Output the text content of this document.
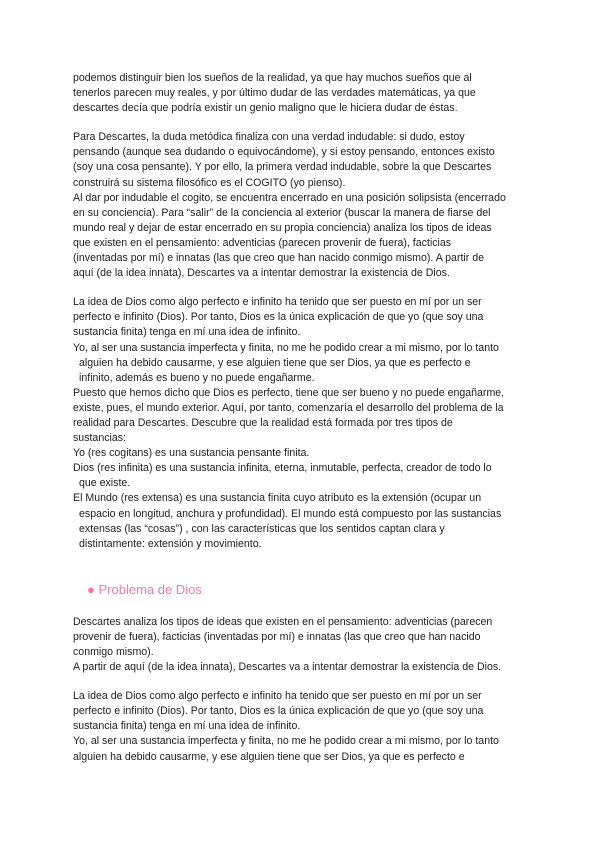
podemos distinguir bien los sueños de la realidad, ya que hay muchos sueños que al

tenerlos parecen muy reales, y por último dudar de las verdades matemáticas, ya que

descartes decía que podría existir un genio maligno que le hiciera dudar de éstas.

Para Descartes, la duda metódica finaliza con una verdad indudable: si dudo, estoy

pensando (aunque sea dudando o equivocándome), y si estoy pensando, entonces existo

(soy una cosa pensante). Y por ello, la primera verdad indudable, sobre la que Descartes

construirá su sistema filosófico es el COGITO (yo pienso).

Al dar por indudable el cogito, se encuentra encerrado en una posición solipsista (encerrado

en su conciencia). Para “salir” de la conciencia al exterior (buscar la manera de fiarse del

mundo real y dejar de estar encerrado en su propia conciencia) analiza los tipos de ideas

que existen en el pensamiento: adventicias (parecen provenir de fuera), facticias

(inventadas por mí) e innatas (las que creo que han nacido conmigo mismo). A partir de

aquí (de la idea innata), Descartes va a intentar demostrar la existencia de Dios.

La idea de Dios como algo perfecto e infinito ha tenido que ser puesto en mí por un ser

perfecto e infinito (Dios). Por tanto, Dios es la única explicación de que yo (que soy una

sustancia finita) tenga en mí una idea de infinito.

Yo, al ser una sustancia imperfecta y finita, no me he podido crear a mi mismo, por lo tanto

alguien ha debido causarme, y ese alguien tiene que ser Dios, ya que es perfecto e

infinito, además es bueno y no puede engañarme.

Puesto que hemos dicho que Dios es perfecto, tiene que ser bueno y no puede engañarme,

existe, pues, el mundo exterior. Aquí, por tanto, comenzaría el desarrollo del problema de la

realidad para Descartes. Descubre que la realidad está formada por tres tipos de

sustancias:

Yo (res cogitans) es una sustancia pensante finita.

Dios (res infinita) es una sustancia infinita, eterna, inmutable, perfecta, creador de todo lo

que existe.

El Mundo (res extensa) es una sustancia finita cuyo atributo es la extensión (ocupar un

espacio en longitud, anchura y profundidad). El mundo está compuesto por las sustancias

extensas (las “cosas”) , con las características que los sentidos captan clara y

distintamente: extensión y movimiento.

● Problema de Dios

Descartes analiza los tipos de ideas que existen en el pensamiento: adventicias (parecen

provenir de fuera), facticias (inventadas por mí) e innatas (las que creo que han nacido

conmigo mismo).

A partir de aquí (de la idea innata), Descartes va a intentar demostrar la existencia de Dios.

La idea de Dios como algo perfecto e infinito ha tenido que ser puesto en mí por un ser

perfecto e infinito (Dios). Por tanto, Dios es la única explicación de que yo (que soy una

sustancia finita) tenga en mí una idea de infinito.

Yo, al ser una sustancia imperfecta y finita, no me he podido crear a mi mismo, por lo tanto

alguien ha debido causarme, y ese alguien tiene que ser Dios, ya que es perfecto e
